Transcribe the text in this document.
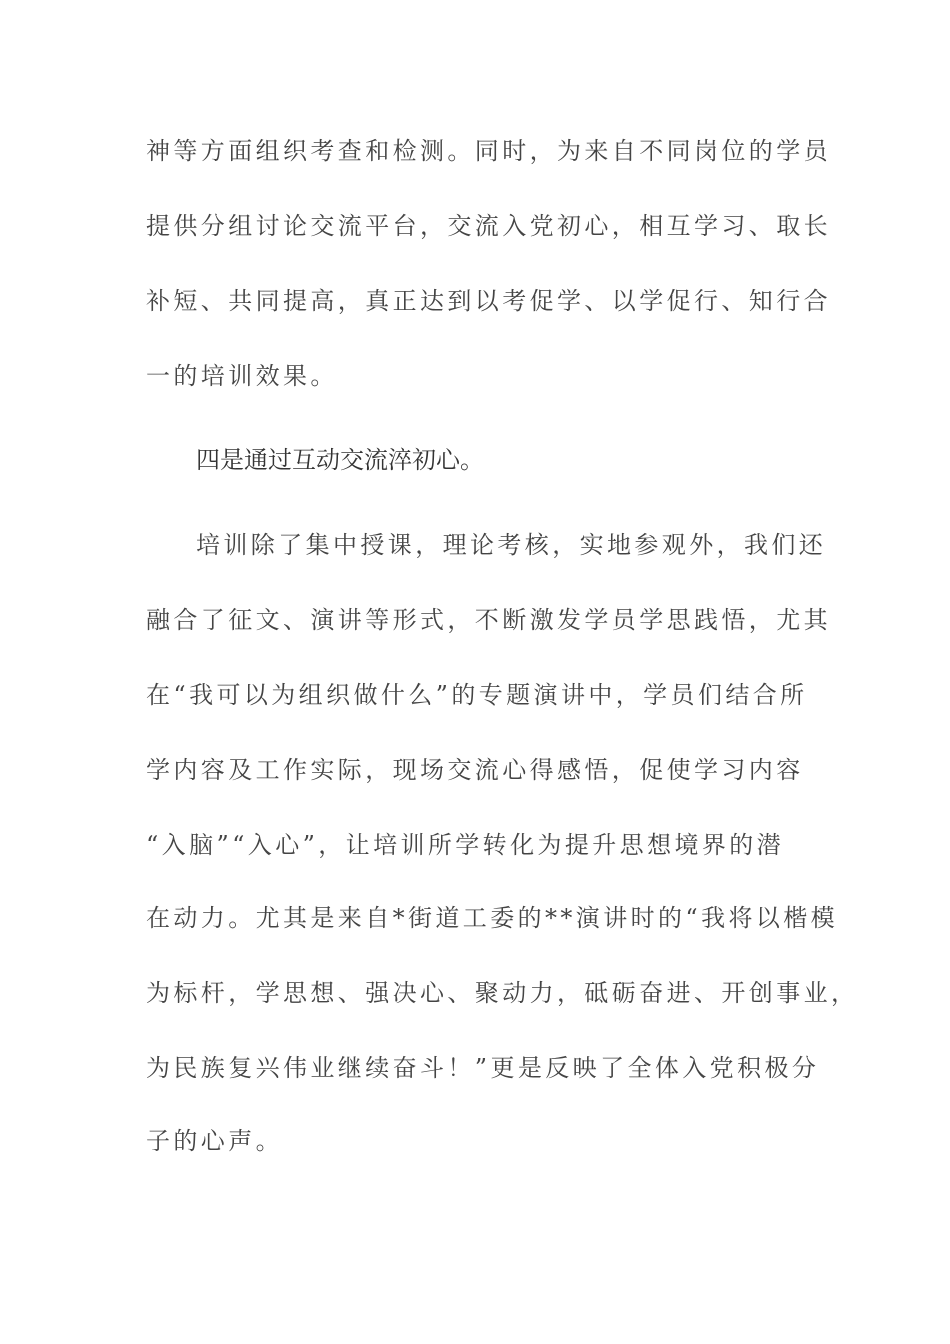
神等方面组织考查和检测。同时，为来自不同岗位的学员
提供分组讨论交流平台，交流入党初心，相互学习、取长
补短、共同提高，真正达到以考促学、以学促行、知行合
一的培训效果。
四是通过互动交流淬初心。
培训除了集中授课，理论考核，实地参观外，我们还
融合了征文、演讲等形式，不断激发学员学思践悟，尤其
在“我可以为组织做什么”的专题演讲中，学员们结合所
学内容及工作实际，现场交流心得感悟，促使学习内容
“入脑”“入心”，让培训所学转化为提升思想境界的潜
在动力。尤其是来自*街道工委的**演讲时的“我将以楷模
为标杆，学思想、强决心、聚动力，砥砺奋进、开创事业，
为民族复兴伟业继续奋斗！”更是反映了全体入党积极分
子的心声。
